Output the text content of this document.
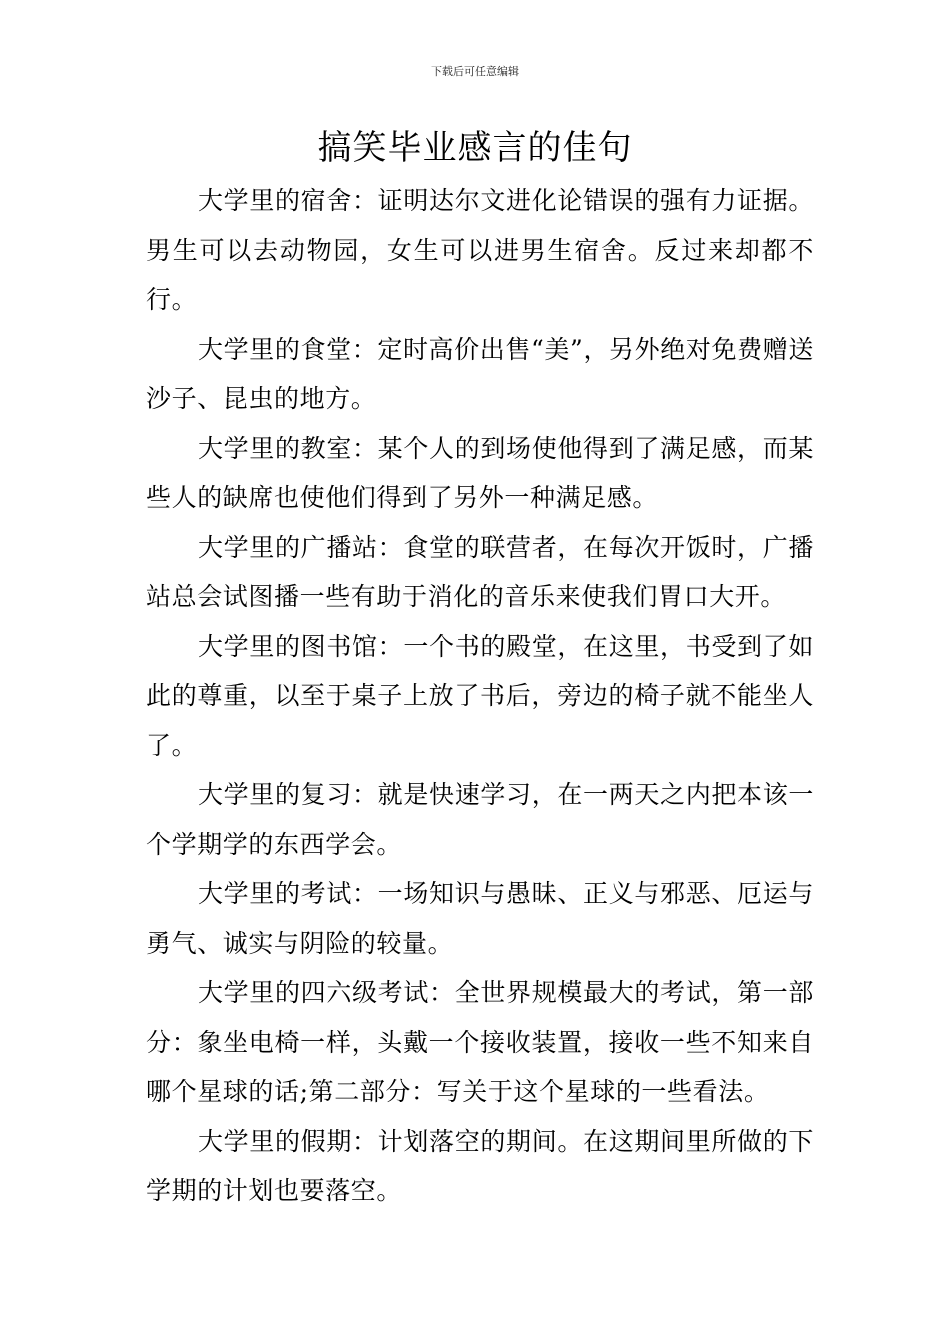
下载后可任意编辑
搞笑毕业感言的佳句

大学里的宿舍：证明达尔文进化论错误的强有力证据。男生可以去动物园，女生可以进男生宿舍。反过来却都不行。

大学里的食堂：定时高价出售“美”，另外绝对免费赠送沙子、昆虫的地方。

大学里的教室：某个人的到场使他得到了满足感，而某些人的缺席也使他们得到了另外一种满足感。

大学里的广播站：食堂的联营者，在每次开饭时，广播站总会试图播一些有助于消化的音乐来使我们胃口大开。

大学里的图书馆：一个书的殿堂，在这里，书受到了如此的尊重，以至于桌子上放了书后，旁边的椅子就不能坐人了。

大学里的复习：就是快速学习，在一两天之内把本该一个学期学的东西学会。

大学里的考试：一场知识与愚昧、正义与邪恶、厄运与勇气、诚实与阴险的较量。

大学里的四六级考试：全世界规模最大的考试，第一部分：象坐电椅一样，头戴一个接收装置，接收一些不知来自哪个星球的话;第二部分：写关于这个星球的一些看法。

大学里的假期：计划落空的期间。在这期间里所做的下学期的计划也要落空。
